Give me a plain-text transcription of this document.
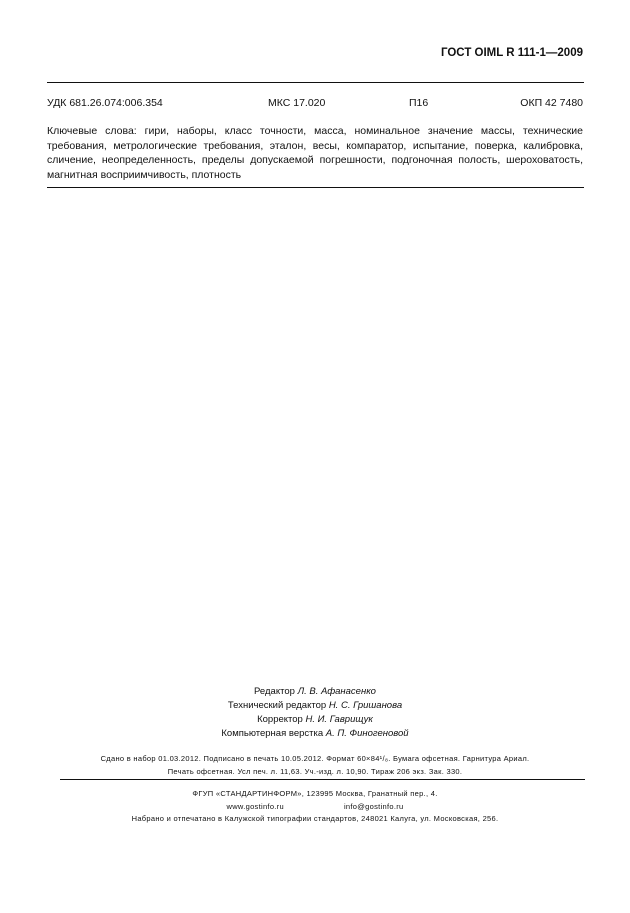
ГОСТ OIML R 111-1—2009
УДК 681.26.074:006.354	МКС 17.020	П16	ОКП 42 7480
Ключевые слова: гири, наборы, класс точности, масса, номинальное значение массы, технические требования, метрологические требования, эталон, весы, компаратор, испытание, поверка, калибровка, сличение, неопределенность, пределы допускаемой погрешности, подгоночная полость, шероховатость, магнитная восприимчивость, плотность
Редактор Л. В. Афанасенко
Технический редактор Н. С. Гришанова
Корректор Н. И. Гаврищук
Компьютерная верстка А. П. Финогеновой
Сдано в набор 01.03.2012. Подписано в печать 10.05.2012. Формат 60×84¹/₈. Бумага офсетная. Гарнитура Ариал.
Печать офсетная. Усл печ. л. 11,63. Уч.-изд. л. 10,90. Тираж 206 экз. Зак. 330.
ФГУП «СТАНДАРТИНФОРМ», 123995 Москва, Гранатный пер., 4.
www.gostinfo.ru	info@gostinfo.ru
Набрано и отпечатано в Калужской типографии стандартов, 248021 Калуга, ул. Московская, 256.
